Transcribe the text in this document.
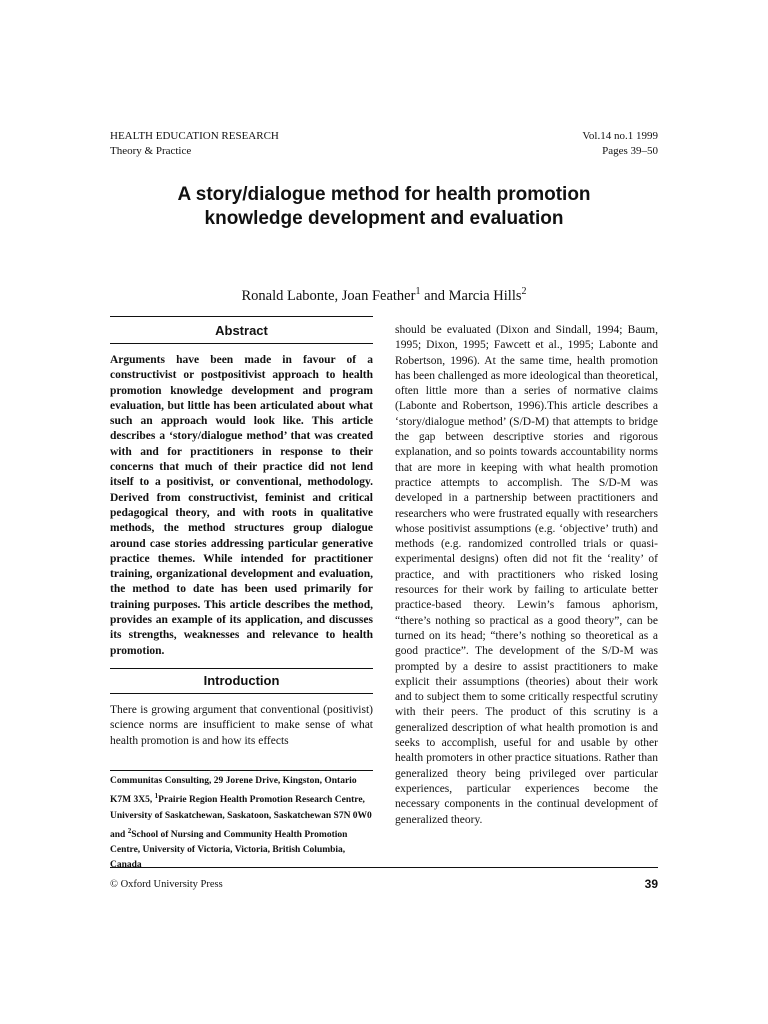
HEALTH EDUCATION RESEARCH
Theory & Practice
Vol.14 no.1 1999
Pages 39–50
A story/dialogue method for health promotion
knowledge development and evaluation
Ronald Labonte, Joan Feather$^1$ and Marcia Hills$^2$
Abstract

Arguments have been made in favour of a constructivist or postpositivist approach to health promotion knowledge development and program evaluation, but little has been articulated about what such an approach would look like. This article describes a ‘story/dialogue method’ that was created with and for practitioners in response to their concerns that much of their practice did not lend itself to a positivist, or conventional, methodology. Derived from constructivist, feminist and critical pedagogical theory, and with roots in qualitative methods, the method structures group dialogue around case stories addressing particular generative practice themes. While intended for practitioner training, organizational development and evaluation, the method to date has been used primarily for training purposes. This article describes the method, provides an example of its application, and discusses its strengths, weaknesses and relevance to health promotion.

Introduction

There is growing argument that conventional (positivist) science norms are insufficient to make sense of what health promotion is and how its effects

Communitas Consulting, 29 Jorene Drive, Kingston, Ontario K7M 3X5, $^1$Prairie Region Health Promotion Research Centre, University of Saskatchewan, Saskatoon, Saskatchewan S7N 0W0 and $^2$School of Nursing and Community Health Promotion Centre, University of Victoria, Victoria, British Columbia, Canada

should be evaluated (Dixon and Sindall, 1994; Baum, 1995; Dixon, 1995; Fawcett et al., 1995; Labonte and Robertson, 1996). At the same time, health promotion has been challenged as more ideological than theoretical, often little more than a series of normative claims (Labonte and Robertson, 1996).This article describes a ‘story/dialogue method’ (S/D-M) that attempts to bridge the gap between descriptive stories and rigorous explanation, and so points towards accountability norms that are more in keeping with what health promotion practice attempts to accomplish. The S/D-M was developed in a partnership between practitioners and researchers who were frustrated equally with researchers whose positivist assumptions (e.g. ‘objective’ truth) and methods (e.g. randomized controlled trials or quasi-experimental designs) often did not fit the ‘reality’ of practice, and with practitioners who risked losing resources for their work by failing to articulate better practice-based theory. Lewin’s famous aphorism, “there’s nothing so practical as a good theory”, can be turned on its head; “there’s nothing so theoretical as a good practice”. The development of the S/D-M was prompted by a desire to assist practitioners to make explicit their assumptions (theories) about their work and to subject them to some critically respectful scrutiny with their peers. The product of this scrutiny is a generalized description of what health promotion is and seeks to accomplish, useful for and usable by other health promoters in other practice situations. Rather than generalized theory being privileged over particular experiences, particular experiences become the necessary components in the continual development of generalized theory.

© Oxford University Press	39
